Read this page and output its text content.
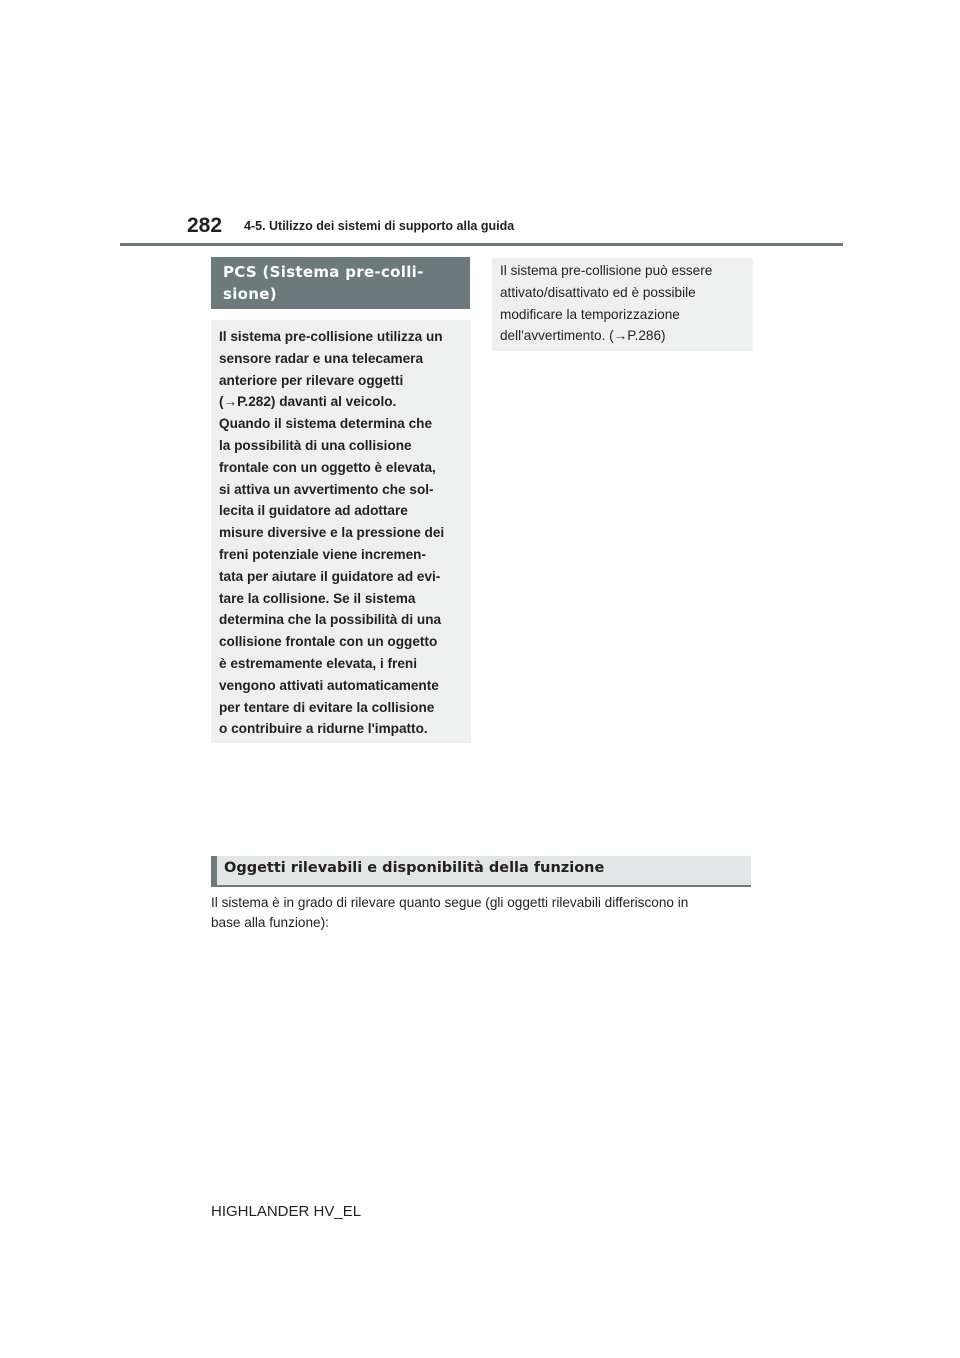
282 4-5. Utilizzo dei sistemi di supporto alla guida
PCS (Sistema pre-colli-
sione)
Il sistema pre-collisione utilizza un
sensore radar e una telecamera
anteriore per rilevare oggetti
(→P.282) davanti al veicolo.
Quando il sistema determina che
la possibilità di una collisione
frontale con un oggetto è elevata,
si attiva un avvertimento che sol-
lecita il guidatore ad adottare
misure diversive e la pressione dei
freni potenziale viene incremen-
tata per aiutare il guidatore ad evi-
tare la collisione. Se il sistema
determina che la possibilità di una
collisione frontale con un oggetto
è estremamente elevata, i freni
vengono attivati automaticamente
per tentare di evitare la collisione
o contribuire a ridurne l'impatto.
Il sistema pre-collisione può essere
attivato/disattivato ed è possibile
modificare la temporizzazione
dell'avvertimento. (→P.286)
Oggetti rilevabili e disponibilità della funzione
Il sistema è in grado di rilevare quanto segue (gli oggetti rilevabili differiscono in
base alla funzione):
HIGHLANDER HV_EL
